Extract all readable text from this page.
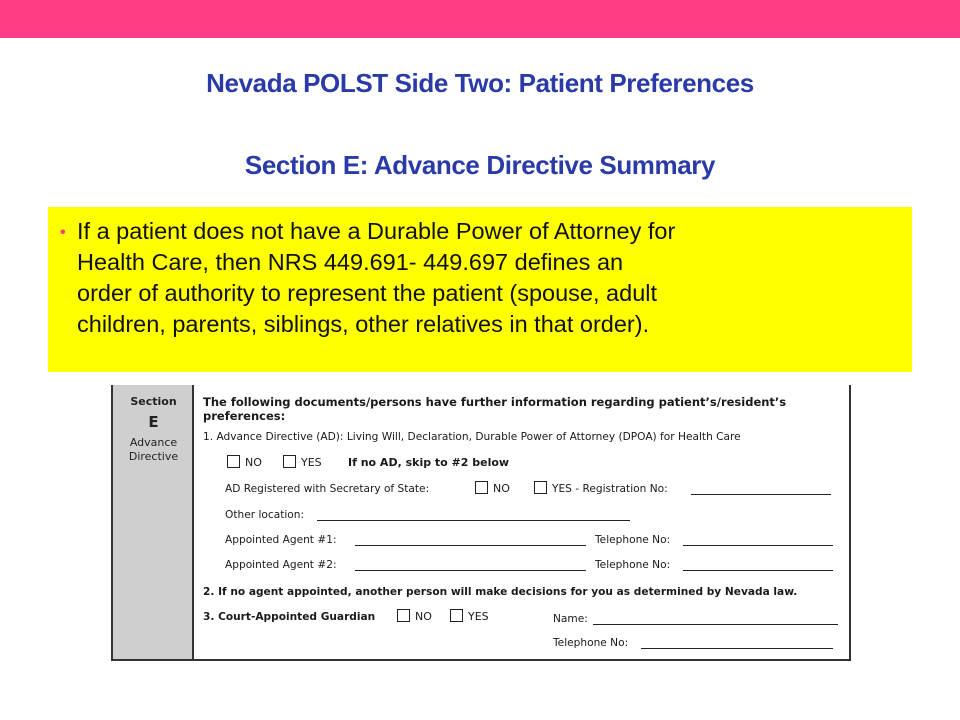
Nevada POLST Side Two: Patient Preferences
Section E: Advance Directive Summary
• If a patient does not have a Durable Power of Attorney for
Health Care, then NRS 449.691- 449.697 defines an
order of authority to represent the patient (spouse, adult
children, parents, siblings, other relatives in that order).
Section
E
Advance
Directive
The following documents/persons have further information regarding patient’s/resident’s
preferences:
1. Advance Directive (AD): Living Will, Declaration, Durable Power of Attorney (DPOA) for Health Care
NO	YES If no AD, skip to #2 below
AD Registered with Secretary of State:	NO	YES - Registration No:
Other location:
Appointed Agent #1:	Telephone No:
Appointed Agent #2:	Telephone No:
2. If no agent appointed, another person will make decisions for you as determined by Nevada law.
3. Court-Appointed Guardian	NO	YES	Name:
Telephone No:
